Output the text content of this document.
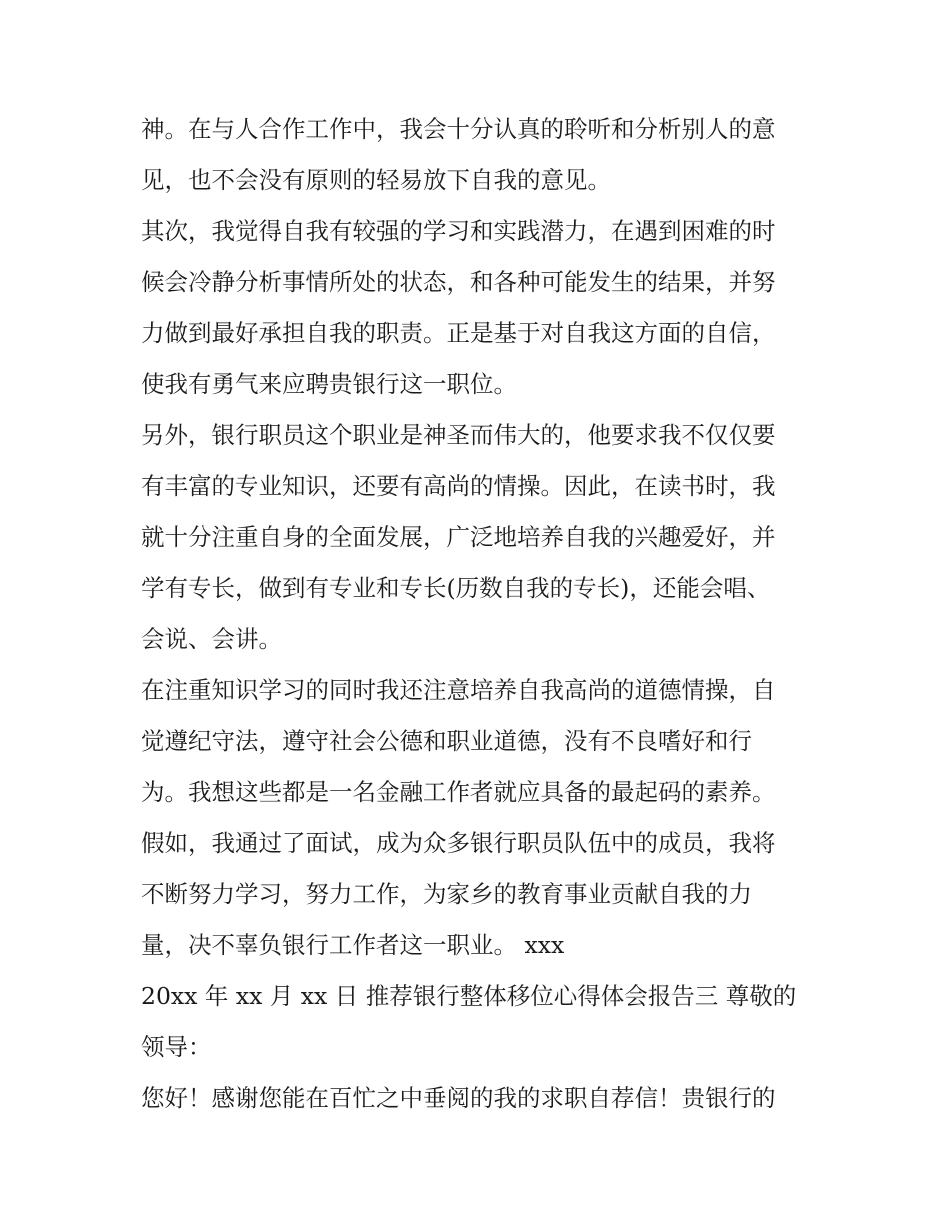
神。在与人合作工作中，我会十分认真的聆听和分析别人的意
见，也不会没有原则的轻易放下自我的意见。
其次，我觉得自我有较强的学习和实践潜力，在遇到困难的时
候会冷静分析事情所处的状态，和各种可能发生的结果，并努
力做到最好承担自我的职责。正是基于对自我这方面的自信，
使我有勇气来应聘贵银行这一职位。
另外，银行职员这个职业是神圣而伟大的，他要求我不仅仅要
有丰富的专业知识，还要有高尚的情操。因此，在读书时，我
就十分注重自身的全面发展，广泛地培养自我的兴趣爱好，并
学有专长，做到有专业和专长(历数自我的专长)，还能会唱、
会说、会讲。
在注重知识学习的同时我还注意培养自我高尚的道德情操，自
觉遵纪守法，遵守社会公德和职业道德，没有不良嗜好和行
为。我想这些都是一名金融工作者就应具备的最起码的素养。
假如，我通过了面试，成为众多银行职员队伍中的成员，我将
不断努力学习，努力工作，为家乡的教育事业贡献自我的力
量，决不辜负银行工作者这一职业。 xxx
20xx 年 xx 月 xx 日 推荐银行整体移位心得体会报告三 尊敬的
领导：
您好！感谢您能在百忙之中垂阅的我的求职自荐信！贵银行的
